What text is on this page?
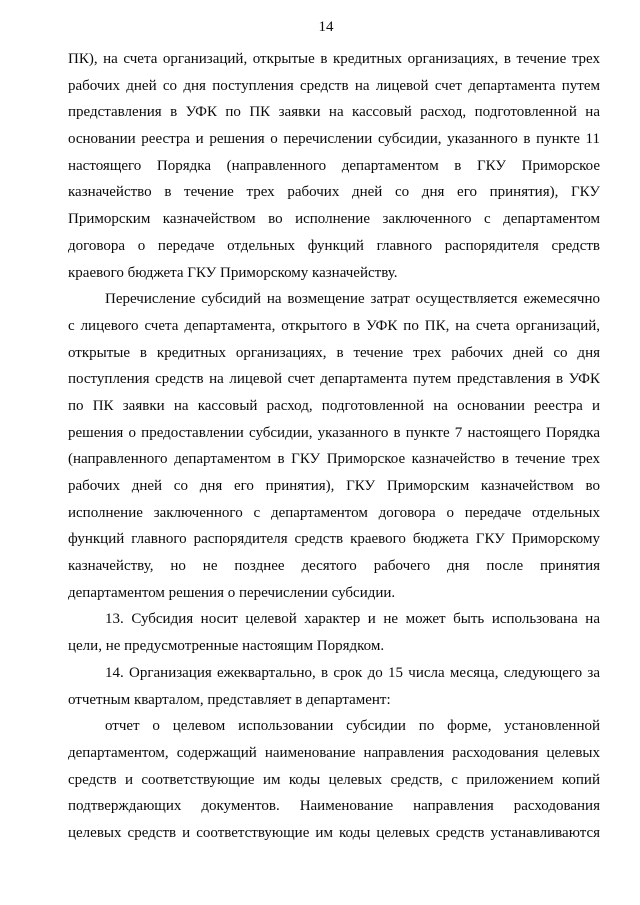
14
ПК), на счета организаций, открытые в кредитных организациях, в течение трех
рабочих дней со дня поступления средств на лицевой счет департамента путем
представления в УФК по ПК заявки на кассовый расход, подготовленной на
основании реестра и решения о перечислении субсидии, указанного в пункте 11
настоящего Порядка (направленного департаментом в ГКУ Приморское
казначейство в течение трех рабочих дней со дня его принятия), ГКУ
Приморским казначейством во исполнение заключенного с департаментом
договора о передаче отдельных функций главного распорядителя средств
краевого бюджета ГКУ Приморскому казначейству.
Перечисление субсидий на возмещение затрат осуществляется ежемесячно
с лицевого счета департамента, открытого в УФК по ПК, на счета организаций,
открытые в кредитных организациях, в течение трех рабочих дней со дня
поступления средств на лицевой счет департамента путем представления в УФК
по ПК заявки на кассовый расход, подготовленной на основании реестра и
решения о предоставлении субсидии, указанного в пункте 7 настоящего Порядка
(направленного департаментом в ГКУ Приморское казначейство в течение трех
рабочих дней со дня его принятия), ГКУ Приморским казначейством во
исполнение заключенного с департаментом договора о передаче отдельных
функций главного распорядителя средств краевого бюджета ГКУ Приморскому
казначейству, но не позднее десятого рабочего дня после принятия
департаментом решения о перечислении субсидии.
13. Субсидия носит целевой характер и не может быть использована на
цели, не предусмотренные настоящим Порядком.
14. Организация ежеквартально, в срок до 15 числа месяца, следующего за
отчетным кварталом, представляет в департамент:
отчет о целевом использовании субсидии по форме, установленной
департаментом, содержащий наименование направления расходования целевых
средств и соответствующие им коды целевых средств, с приложением копий
подтверждающих документов. Наименование направления расходования
целевых средств и соответствующие им коды целевых средств устанавливаются
